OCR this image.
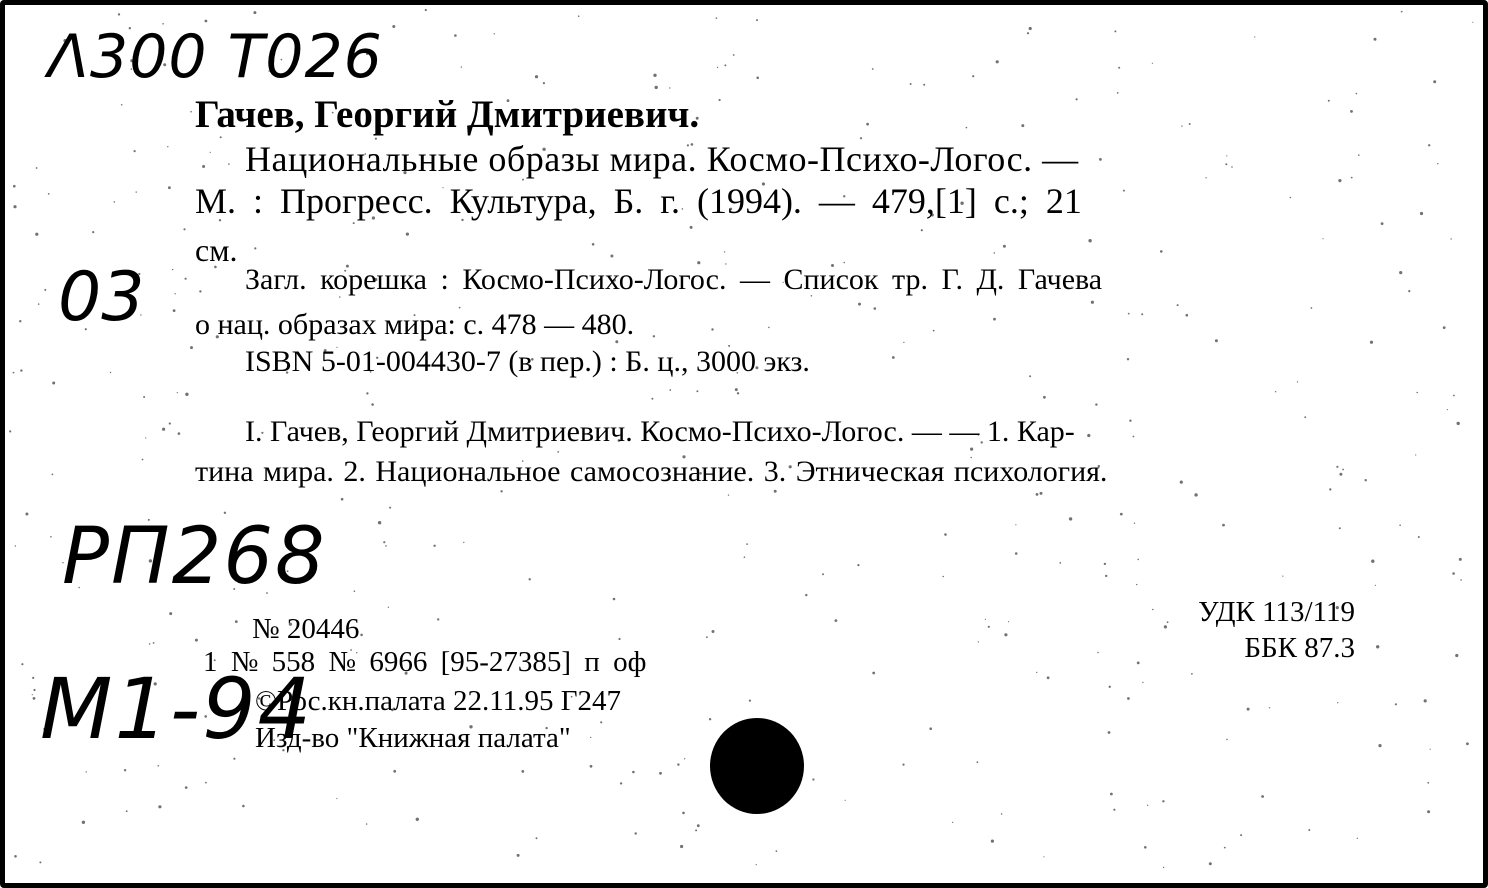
Λ300 Т026
03
РП268
М1-94
Гачев, Георгий Дмитриевич.
Национальные образы мира. Космо-Психо-Логос. —
М. : Прогресс. Культура, Б. г. (1994). — 479,[1] с.; 21
см.
Загл. корешка : Космо-Психо-Логос. — Список тр. Г. Д. Гачева
о нац. образах мира: с. 478 — 480.
ISBN 5-01-004430-7 (в пер.) : Б. ц., 3000 экз.
I. Гачев, Георгий Дмитриевич. Космо-Психо-Логос. — — 1. Кар-
тина мира. 2. Национальное самосознание. 3. Этническая психология.
№ 20446
1 № 558 № 6966 [95-27385] п оф
©Рос.кн.палата 22.11.95 Г247
Изд-во "Книжная палата"
УДК 113/119
ББК 87.3
